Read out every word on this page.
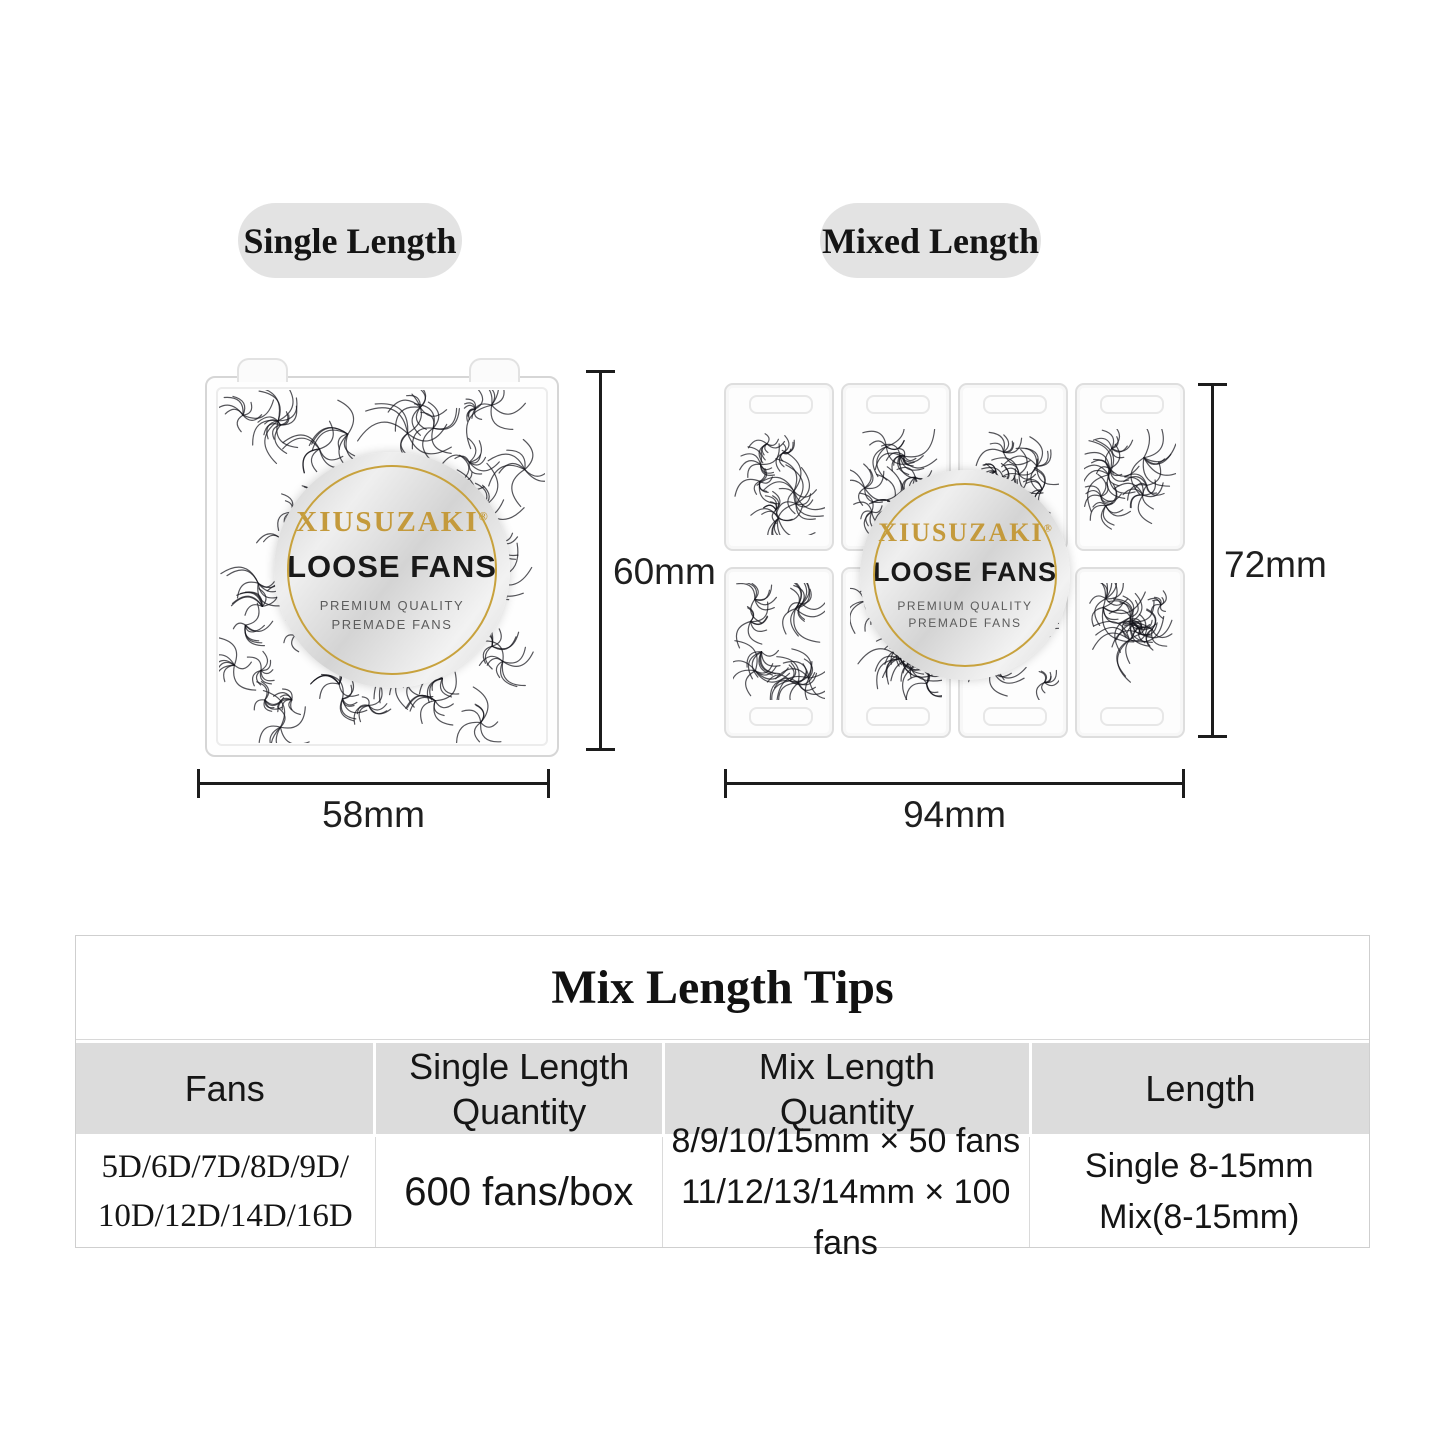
Single Length	Mixed Length
XIUSUZAKI®
LOOSE FANS
PREMIUM QUALITY
PREMADE FANS
60mm
58mm
XIUSUZAKI®
LOOSE FANS
PREMIUM QUALITY
PREMADE FANS
72mm
94mm
Mix Length Tips
Fans
Single Length Quantity
Mix Length Quantity
Length
5D/6D/7D/8D/9D/
10D/12D/14D/16D
600 fans/box
8/9/10/15mm × 50 fans
11/12/13/14mm × 100 fans
Single 8-15mm
Mix(8-15mm)
